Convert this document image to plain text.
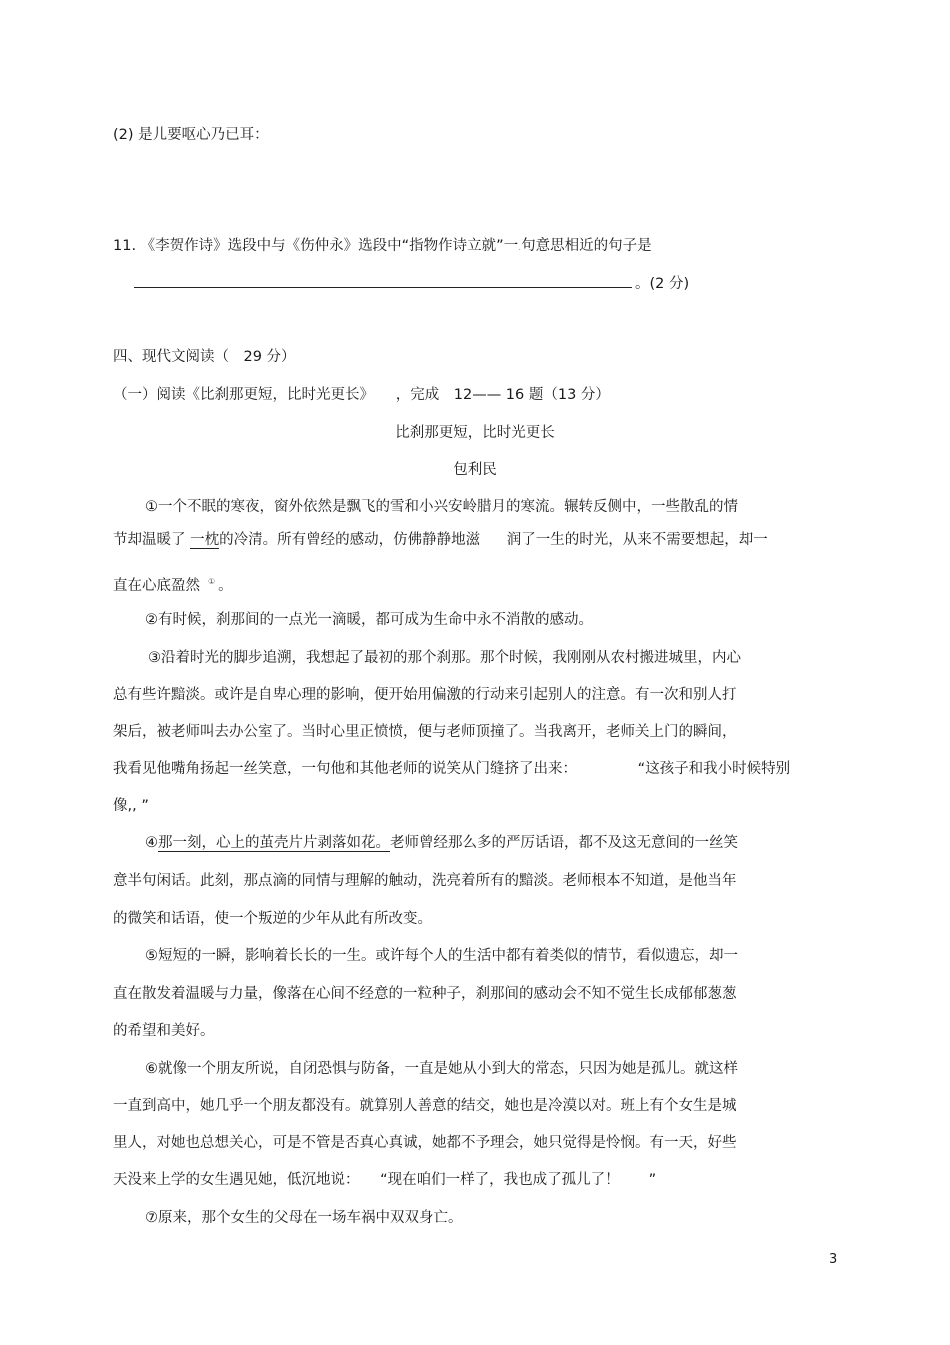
(2) 是儿要呕心乃已耳：
11. 《李贺作诗》选段中与《伤仲永》选段中“指物作诗立就”一.句意思相近的句子是
。(2 分)
四、现代文阅读（　29 分）
（一）阅读《比刹那更短，比时光更长》　　，完成　12—— 16 题（13 分）
比刹那更短，比时光更长
包利民
①一个不眠的寒夜，窗外依然是飘飞的雪和小兴安岭腊月的寒流。辗转反侧中，一些散乱的情
节却温暖了 一枕的冷清。所有曾经的感动，仿佛静静地滋 润了一生的时光，从来不需要想起，却一
直在心底盈然 ① 。
②有时候，刹那间的一点光一滴暖，都可成为生命中永不消散的感动。
③沿着时光的脚步追溯，我想起了最初的那个刹那。那个时候，我刚刚从农村搬进城里，内心
总有些许黯淡。或许是自卑心理的影响，便开始用偏激的行动来引起别人的注意。有一次和别人打
架后，被老师叫去办公室了。当时心里正愤愤，便与老师顶撞了。当我离开，老师关上门的瞬间，
我看见他嘴角扬起一丝笑意，一句他和其他老师的说笑从门缝挤了出来：	“这孩子和我小时候特别
像,, ”
④那一刻，心上的茧壳片片剥落如花。老师曾经那么多的严厉话语，都不及这无意间的一丝笑
意半句闲话。此刻，那点滴的同情与理解的触动，洗亮着所有的黯淡。老师根本不知道，是他当年
的微笑和话语，使一个叛逆的少年从此有所改变。
⑤短短的一瞬，影响着长长的一生。或许每个人的生活中都有着类似的情节，看似遗忘，却一
直在散发着温暖与力量，像落在心间不经意的一粒种子，刹那间的感动会不知不觉生长成郁郁葱葱
的希望和美好。
⑥就像一个朋友所说，自闭恐惧与防备，一直是她从小到大的常态，只因为她是孤儿。就这样
一直到高中，她几乎一个朋友都没有。就算别人善意的结交，她也是冷漠以对。班上有个女生是城
里人，对她也总想关心，可是不管是否真心真诚，她都不予理会，她只觉得是怜悯。有一天，好些
天没来上学的女生遇见她，低沉地说： “现在咱们一样了，我也成了孤儿了！　　”
⑦原来，那个女生的父母在一场车祸中双双身亡。
3
